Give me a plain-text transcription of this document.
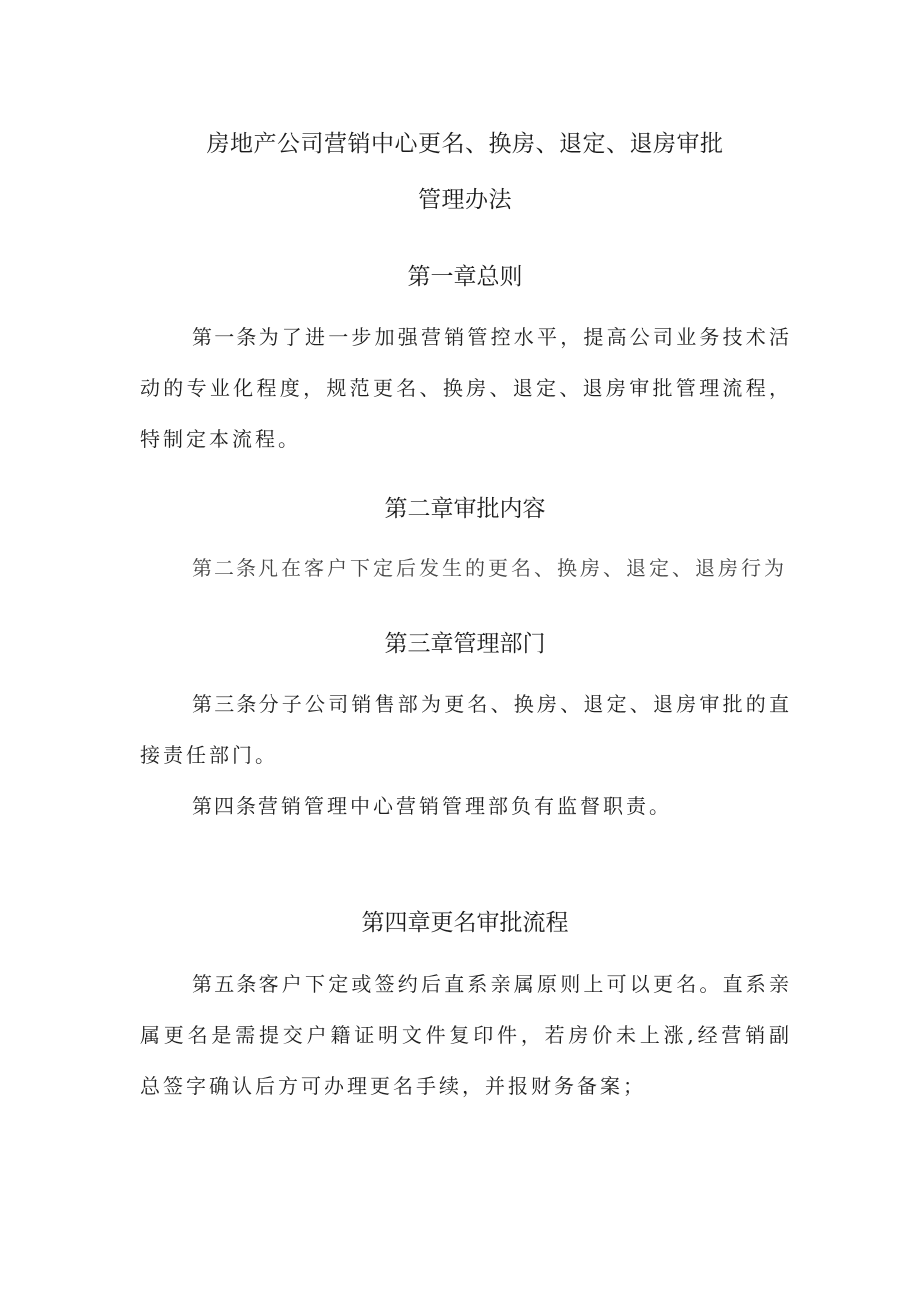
房地产公司营销中心更名、换房、退定、退房审批
管理办法
第一章总则

第一条为了进一步加强营销管控水平，提高公司业务技术活动的专业化程度，规范更名、换房、退定、退房审批管理流程，特制定本流程。

第二章审批内容

第二条凡在客户下定后发生的更名、换房、退定、退房行为

第三章管理部门

第三条分子公司销售部为更名、换房、退定、退房审批的直接责任部门。

第四条营销管理中心营销管理部负有监督职责。

第四章更名审批流程

第五条客户下定或签约后直系亲属原则上可以更名。直系亲属更名是需提交户籍证明文件复印件，若房价未上涨,经营销副总签字确认后方可办理更名手续，并报财务备案；
